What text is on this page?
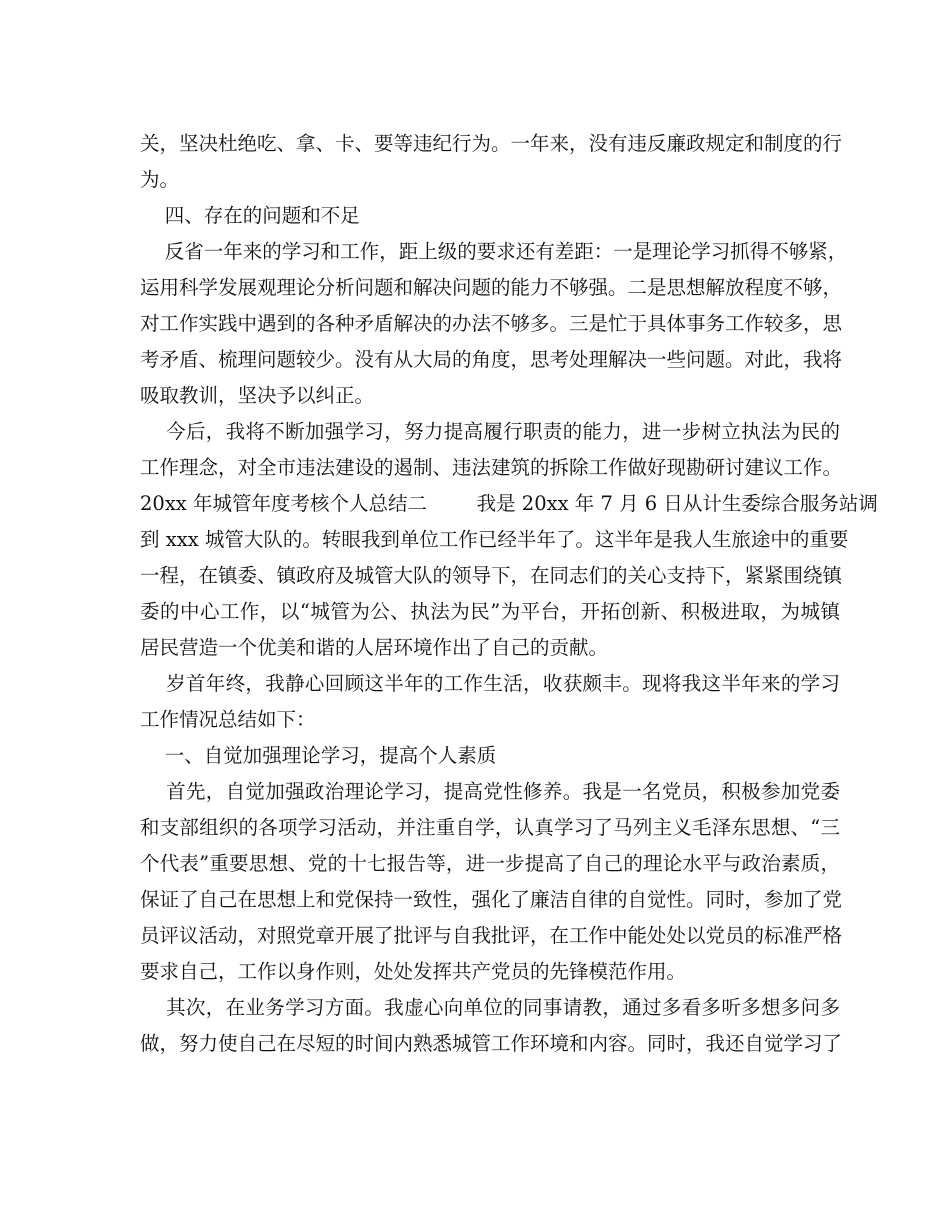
关，坚决杜绝吃、拿、卡、要等违纪行为。一年来，没有违反廉政规定和制度的行
为。
四、存在的问题和不足
反省一年来的学习和工作，距上级的要求还有差距：一是理论学习抓得不够紧，
运用科学发展观理论分析问题和解决问题的能力不够强。二是思想解放程度不够，
对工作实践中遇到的各种矛盾解决的办法不够多。三是忙于具体事务工作较多，思
考矛盾、梳理问题较少。没有从大局的角度，思考处理解决一些问题。对此，我将
吸取教训，坚决予以纠正。
今后，我将不断加强学习，努力提高履行职责的能力，进一步树立执法为民的
工作理念，对全市违法建设的遏制、违法建筑的拆除工作做好现勘研讨建议工作。
20xx 年城管年度考核个人总结二        我是 20xx 年 7 月 6 日从计生委综合服务站调
到 xxx 城管大队的。转眼我到单位工作已经半年了。这半年是我人生旅途中的重要
一程，在镇委、镇政府及城管大队的领导下，在同志们的关心支持下，紧紧围绕镇
委的中心工作，以“城管为公、执法为民”为平台，开拓创新、积极进取，为城镇
居民营造一个优美和谐的人居环境作出了自己的贡献。
岁首年终，我静心回顾这半年的工作生活，收获颇丰。现将我这半年来的学习
工作情况总结如下：
一、自觉加强理论学习，提高个人素质
首先，自觉加强政治理论学习，提高党性修养。我是一名党员，积极参加党委
和支部组织的各项学习活动，并注重自学，认真学习了马列主义毛泽东思想、“三
个代表”重要思想、党的十七报告等，进一步提高了自己的理论水平与政治素质，
保证了自己在思想上和党保持一致性，强化了廉洁自律的自觉性。同时，参加了党
员评议活动，对照党章开展了批评与自我批评，在工作中能处处以党员的标准严格
要求自己，工作以身作则，处处发挥共产党员的先锋模范作用。
其次，在业务学习方面。我虚心向单位的同事请教，通过多看多听多想多问多
做，努力使自己在尽短的时间内熟悉城管工作环境和内容。同时，我还自觉学习了
